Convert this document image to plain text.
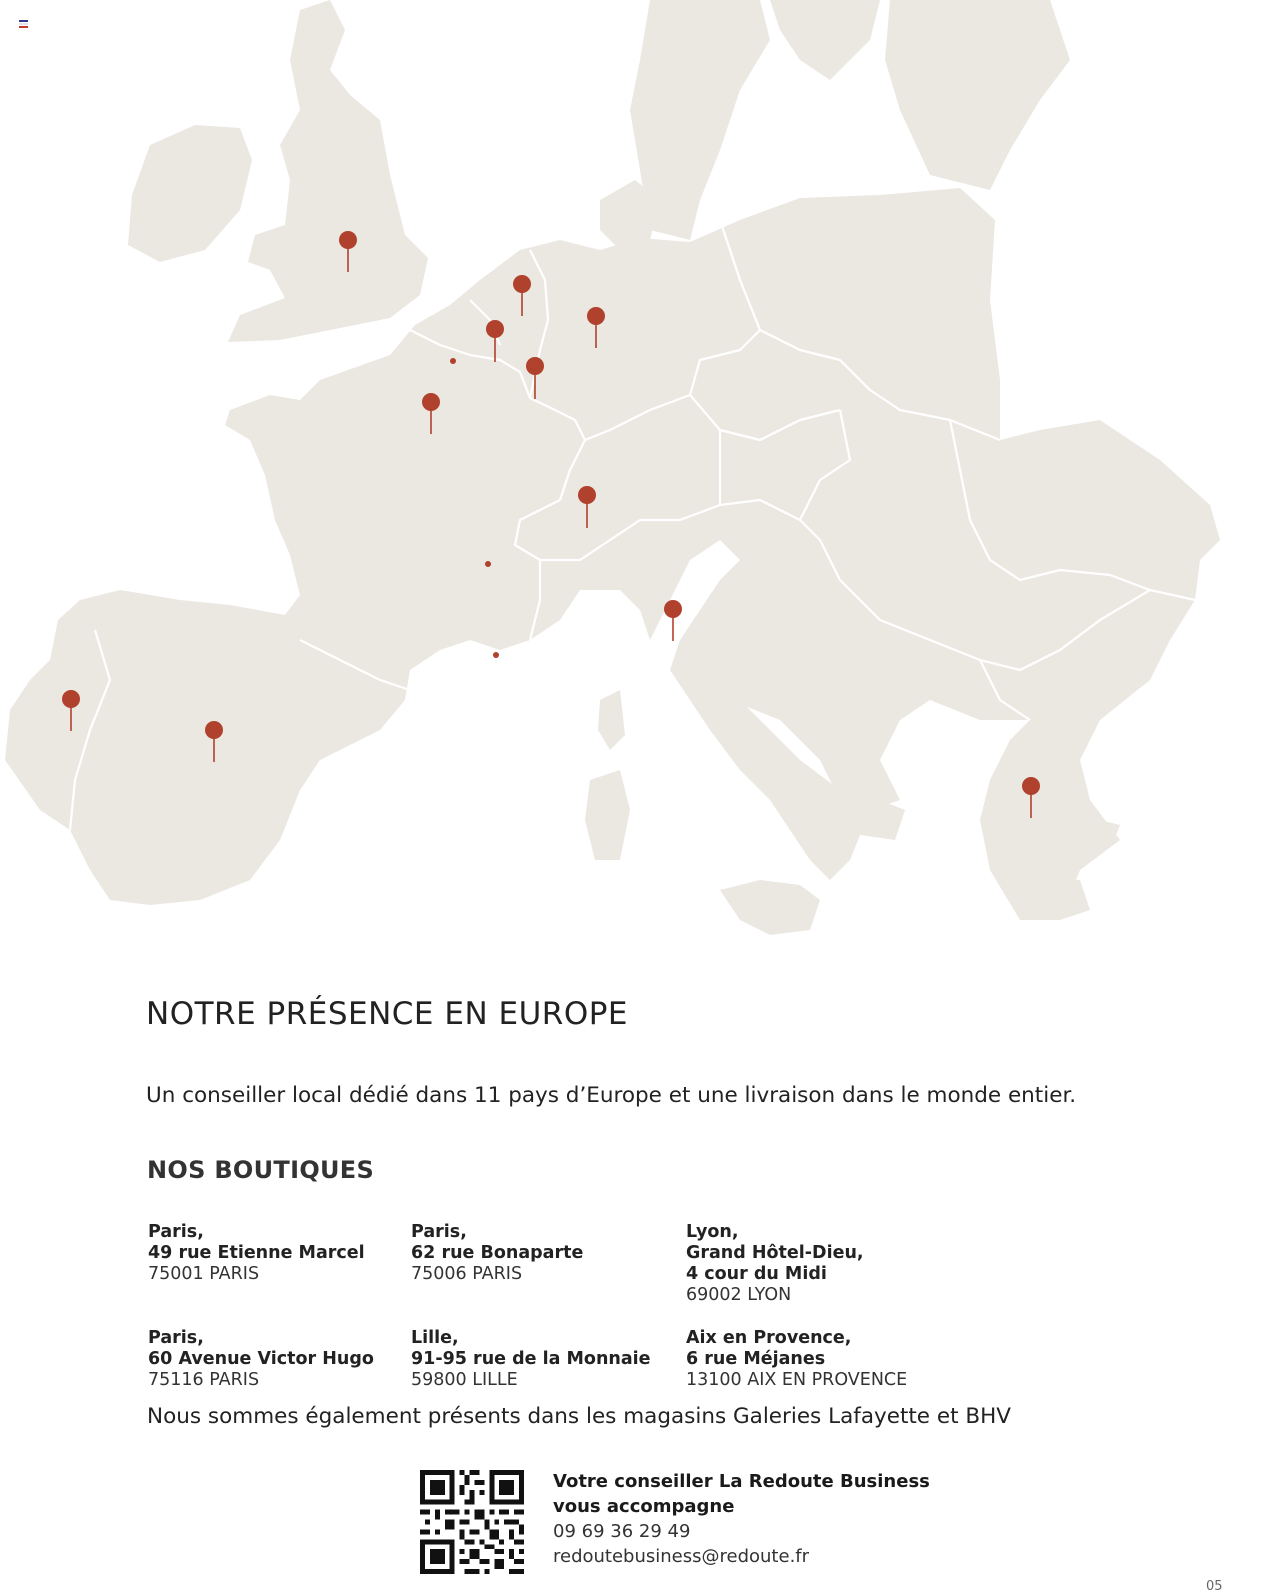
NOTRE PRÉSENCE EN EUROPE

Un conseiller local dédié dans 11 pays d’Europe et une livraison dans le monde entier.

NOS BOUTIQUES
Paris,
49 rue Etienne Marcel
75001 PARIS
Paris,
62 rue Bonaparte
75006 PARIS
Lyon,
Grand Hôtel-Dieu,
4 cour du Midi
69002 LYON
Paris,
60 Avenue Victor Hugo
75116 PARIS
Lille,
91-95 rue de la Monnaie
59800 LILLE
Aix en Provence,
6 rue Méjanes
13100 AIX EN PROVENCE

Nous sommes également présents dans les magasins Galeries Lafayette et BHV

Votre conseiller La Redoute Business
vous accompagne
09 69 36 29 49
redoutebusiness@redoute.fr
05
